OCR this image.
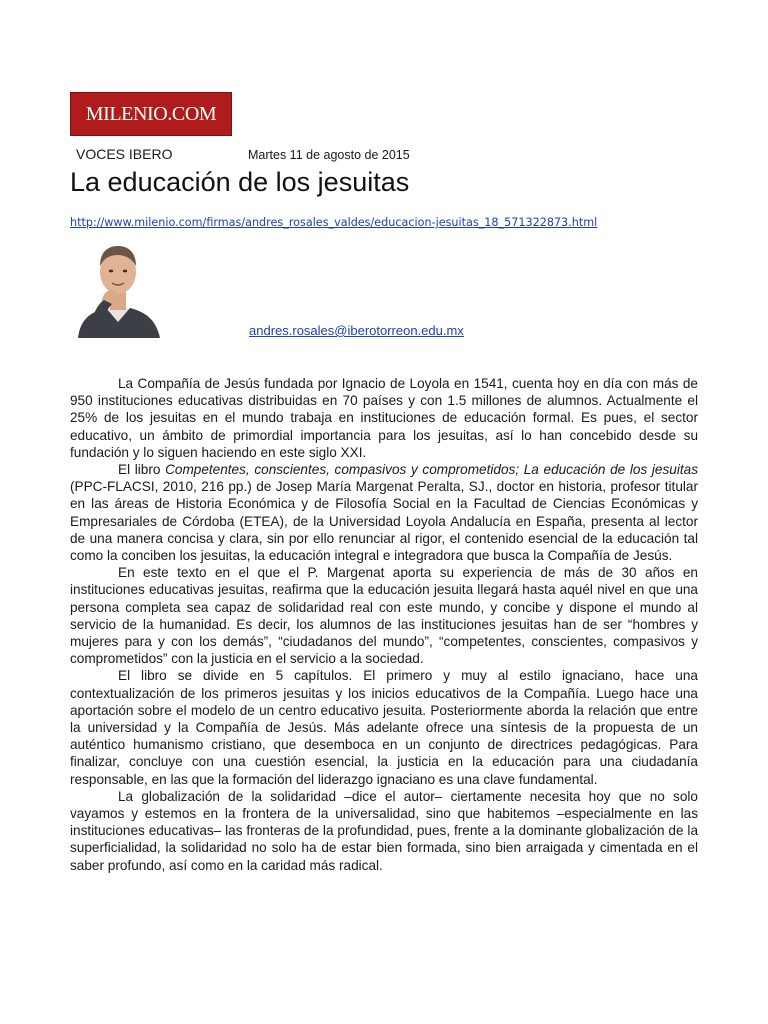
MILENIO.COM
VOCES IBERO	Martes 11 de agosto de 2015
La educación de los jesuitas
http://www.milenio.com/firmas/andres_rosales_valdes/educacion-jesuitas_18_571322873.html
andres.rosales@iberotorreon.edu.mx

La Compañía de Jesús fundada por Ignacio de Loyola en 1541, cuenta hoy en día con más de 950 instituciones educativas distribuidas en 70 países y con 1.5 millones de alumnos. Actualmente el 25% de los jesuitas en el mundo trabaja en instituciones de educación formal. Es pues, el sector educativo, un ámbito de primordial importancia para los jesuitas, así lo han concebido desde su fundación y lo siguen haciendo en este siglo XXI.

El libro Competentes, conscientes, compasivos y comprometidos; La educación de los jesuitas (PPC-FLACSI, 2010, 216 pp.) de Josep María Margenat Peralta, SJ., doctor en historia, profesor titular en las áreas de Historia Económica y de Filosofía Social en la Facultad de Ciencias Económicas y Empresariales de Córdoba (ETEA), de la Universidad Loyola Andalucía en España, presenta al lector de una manera concisa y clara, sin por ello renunciar al rigor, el contenido esencial de la educación tal como la conciben los jesuitas, la educación integral e integradora que busca la Compañía de Jesús.

En este texto en el que el P. Margenat aporta su experiencia de más de 30 años en instituciones educativas jesuitas, reafirma que la educación jesuita llegará hasta aquél nivel en que una persona completa sea capaz de solidaridad real con este mundo, y concibe y dispone el mundo al servicio de la humanidad. Es decir, los alumnos de las instituciones jesuitas han de ser “hombres y mujeres para y con los demás”, “ciudadanos del mundo”, “competentes, conscientes, compasivos y comprometidos” con la justicia en el servicio a la sociedad.

El libro se divide en 5 capítulos. El primero y muy al estilo ignaciano, hace una contextualización de los primeros jesuitas y los inicios educativos de la Compañía. Luego hace una aportación sobre el modelo de un centro educativo jesuita. Posteriormente aborda la relación que entre la universidad y la Compañía de Jesús. Más adelante ofrece una síntesis de la propuesta de un auténtico humanismo cristiano, que desemboca en un conjunto de directrices pedagógicas. Para finalizar, concluye con una cuestión esencial, la justicia en la educación para una ciudadanía responsable, en las que la formación del liderazgo ignaciano es una clave fundamental.

La globalización de la solidaridad –dice el autor– ciertamente necesita hoy que no solo vayamos y estemos en la frontera de la universalidad, sino que habitemos –especialmente en las instituciones educativas– las fronteras de la profundidad, pues, frente a la dominante globalización de la superficialidad, la solidaridad no solo ha de estar bien formada, sino bien arraigada y cimentada en el saber profundo, así como en la caridad más radical.
